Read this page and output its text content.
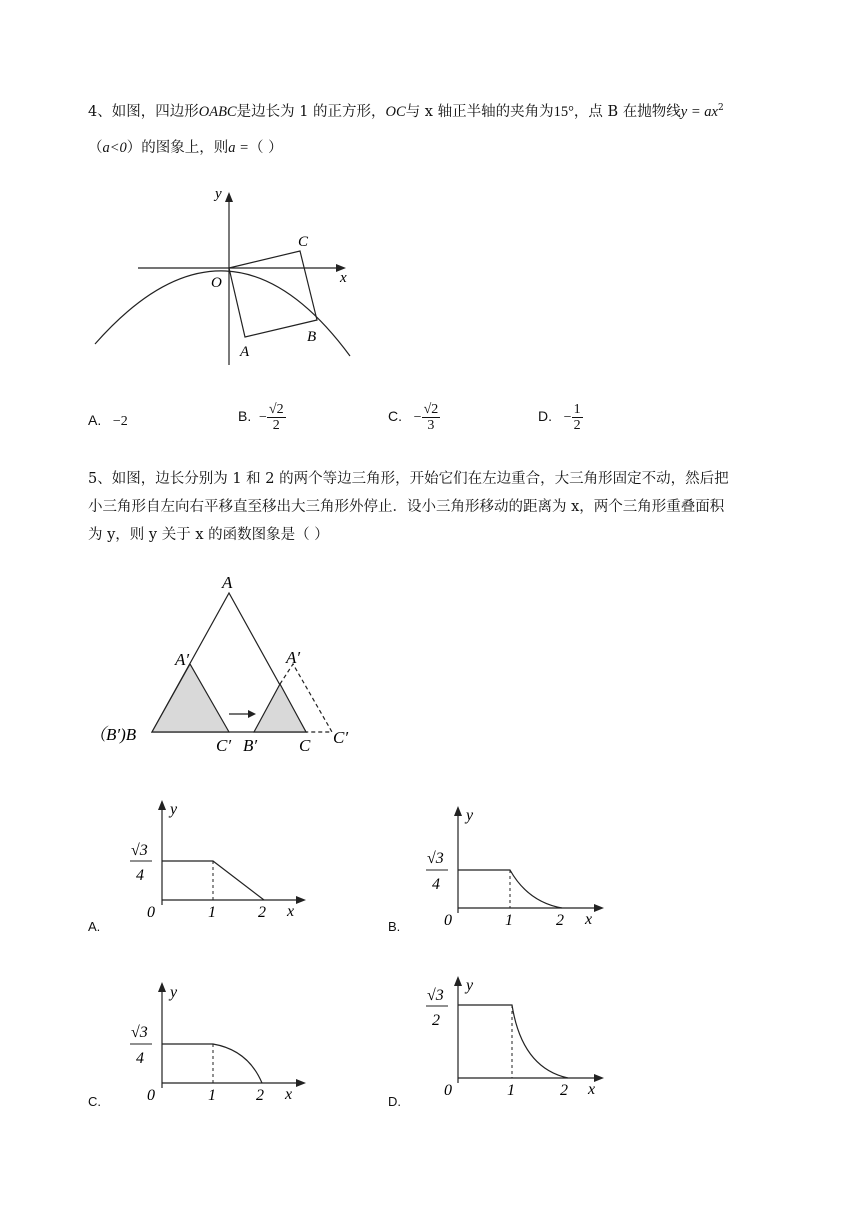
4、如图，四边形OABC是边长为 1 的正方形，OC与 x 轴正半轴的夹角为15°，点 B 在抛物线$y = ax^2$
（a<0）的图象上，则a =（ ）
y
x
O
A
B
C
A. −2	B. − $\frac{√2}{2}$	C. − $\frac{√2}{3}$	D. − $\frac{1}{2}$
5、如图，边长分别为 1 和 2 的两个等边三角形，开始它们在左边重合，大三角形固定不动，然后把
小三角形自左向右平移直至移出大三角形外停止．设小三角形移动的距离为 x，两个三角形重叠面积
为 y，则 y 关于 x 的函数图象是（ ）
A
A′	A′
（B′)B
C′ B′ C C′
y
x
0	1	2
√3
4
A.
y
x
0	1	2
√3
4
B.
y
x
0	1	2
√3
4
C.
y
x
0	1	2
√3
2
D.
